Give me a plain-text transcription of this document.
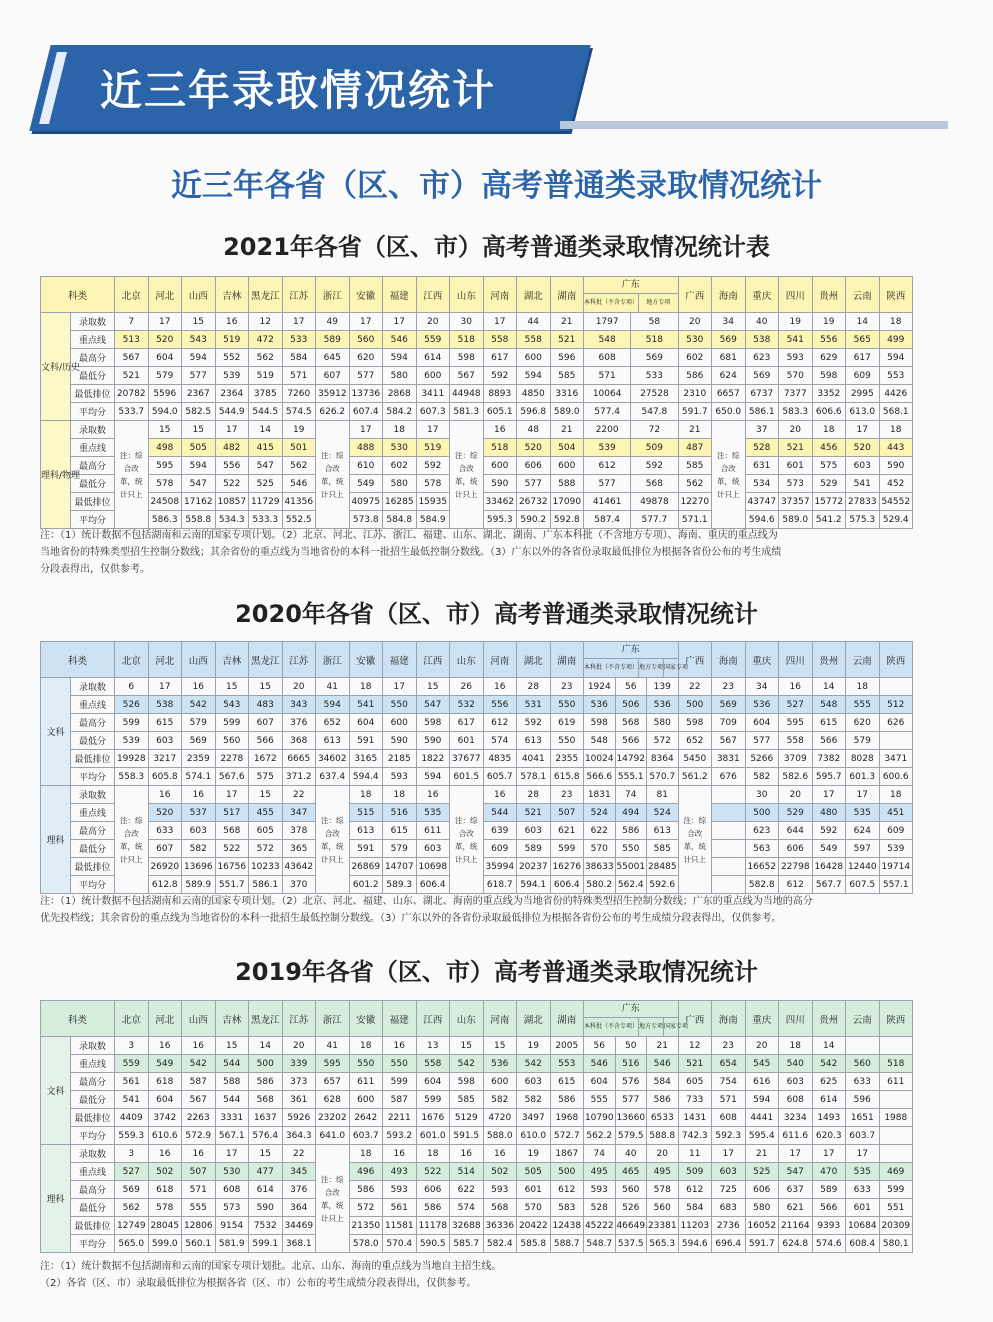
近三年录取情况统计
近三年各省（区、市）高考普通类录取情况统计
2021年各省（区、市）高考普通类录取情况统计表
科类		北京	河北	山西	吉林	黑龙江	江苏	浙江	安徽	福建	江西	山东	河南	湖北	湖南	广东
本科批（不含专项） 地方专项		广西	海南	重庆	四川	贵州	云南	陕西
文科/历史	录取数	7	17	15	16	12	17	49	17	17	20	30	17	44	21	1797	58	20	34	40	19	19	14	18
	重点线	513	520	543	519	472	533	589	560	546	559	518	558	558	521	548	518	530	569	538	541	556	565	499
	最高分	567	604	594	552	562	584	645	620	594	614	598	617	600	596	608	569	602	681	623	593	629	617	594
	最低分	521	579	577	539	519	571	607	577	580	600	567	592	594	585	571	533	586	624	569	570	598	609	553
	最低排位	20782	5596	2367	2364	3785	7260	35912	13736	2868	3411	44948	8893	4850	3316	10064	27528	2310	6657	6737	7377	3352	2995	4426
	平均分	533.7	594.0	582.5	544.9	544.5	574.5	626.2	607.4	584.2	607.3	581.3	605.1	596.8	589.0	577.4	547.8	591.7	650.0	586.1	583.3	606.6	613.0	568.1
理科/物理	录取数	注：综合改革，统计只上	15	15	17	14	19	注：综合改革，统计只上	17	18	17	注：综合改革，统计只上	16	48	21	2200	72	21	注：综合改革，统计只上	37	20	18	17	18
	重点线		498	505	482	415	501		488	530	519		518	520	504	539	509	487		528	521	456	520	443
	最高分		595	594	556	547	562		610	602	592		600	606	600	612	592	585		631	601	575	603	590
	最低分		578	547	522	525	546		549	580	578		590	577	588	577	568	562		534	573	529	541	452
	最低排位		24508	17162	10857	11729	41356		40975	16285	15935		33462	26732	17090	41461	49878	12270		43747	37357	15772	27833	54552
	平均分		586.3	558.8	534.3	533.3	552.5		573.8	584.8	584.9		595.3	590.2	592.8	587.4	577.7	571.1		594.6	589.0	541.2	575.3	529.4
注：（1）统计数据不包括湖南和云南的国家专项计划。（2）北京、河北、江苏、浙江、福建、山东、湖北、湖南、广东本科批（不含地方专项）、海南、重庆的重点线为
当地省份的特殊类型招生控制分数线；其余省份的重点线为当地省份的本科一批招生最低控制分数线。（3）广东以外的各省份录取最低排位为根据各省份公布的考生成绩
分段表得出，仅供参考。
2020年各省（区、市）高考普通类录取情况统计
科类		北京	河北	山西	吉林	黑龙江	江苏	浙江	安徽	福建	江西	山东	河南	湖北	湖南	广东
本科批（不含专项） 地方专项 国家专项			广西	海南	重庆	四川	贵州	云南	陕西
文科	录取数	6	17	16	15	15	20	41	18	17	15	26	16	28	23	1924	56	139	22	23	34	16	14	18	
	重点线	526	538	542	543	483	343	594	541	550	547	532	556	531	550	536	506	536	500	569	536	527	548	555	512
	最高分	599	615	579	599	607	376	652	604	600	598	617	612	592	619	598	568	580	598	709	604	595	615	620	626
	最低分	539	603	569	560	566	368	613	591	590	590	601	574	613	550	548	566	572	652	567	577	558	566	579	
	最低排位	19928	3217	2359	2278	1672	6665	34602	3165	2185	1822	37677	4835	4041	2355	10024	14792	8364	5450	3831	5266	3709	7382	8028	3471
	平均分	558.3	605.8	574.1	567.6	575	371.2	637.4	594.4	593	594	601.5	605.7	578.1	615.8	566.6	555.1	570.7	561.2	676	582	582.6	595.7	601.3	600.6
理科	录取数	注：综合改革，统计只上	16	16	17	15	22	注：综合改革，统计只上	18	18	16	注：综合改革，统计只上	16	28	23	1831	74	81	注：综合改革，统计只上		30	20	17	17	18
	重点线		520	537	517	455	347		515	516	535		544	521	507	524	494	524			500	529	480	535	451
	最高分		633	603	568	605	378		613	615	611		639	603	621	622	586	613			623	644	592	624	609
	最低分		607	582	522	572	365		591	579	603		609	589	599	570	550	585			563	606	549	597	539
	最低排位		26920	13696	16756	10233	43642		26869	14707	10698		35994	20237	16276	38633	55001	28485			16652	22798	16428	12440	19714
	平均分		612.8	589.9	551.7	586.1	370		601.2	589.3	606.4		618.7	594.1	606.4	580.2	562.4	592.6			582.8	612	567.7	607.5	557.1
注：（1）统计数据不包括湖南和云南的国家专项计划。（2）北京、河北、福建、山东、湖北、海南的重点线为当地省份的特殊类型招生控制分数线；广东的重点线为当地的高分
优先投档线；其余省份的重点线为当地省份的本科一批招生最低控制分数线。（3）广东以外的各省份录取最低排位为根据各省份公布的考生成绩分段表得出，仅供参考。
2019年各省（区、市）高考普通类录取情况统计
科类		北京	河北	山西	吉林	黑龙江	江苏	浙江	安徽	福建	江西	山东	河南	湖北	湖南	广东
本科批（不含专项） 地方专项 国家专项			广西	海南	重庆	四川	贵州	云南	陕西
文科	录取数	3	16	16	15	14	20	41	18	16	13	15	15	19	2005	56	50	21	12	23	20	18	14		
	重点线	559	549	542	544	500	339	595	550	550	558	542	536	542	553	546	516	546	521	654	545	540	542	560	518
	最高分	561	618	587	588	586	373	657	611	599	604	598	600	603	615	604	576	584	605	754	616	603	625	633	611
	最低分	541	604	567	544	568	361	628	600	587	599	585	582	582	586	555	577	586	733	571	594	608	614	596	
	最低排位	4409	3742	2263	3331	1637	5926	23202	2642	2211	1676	5129	4720	3497	1968	10790	13660	6533	1431	608	4441	3234	1493	1651	1988
	平均分	559.3	610.6	572.9	567.1	576.4	364.3	641.0	603.7	593.2	601.0	591.5	588.0	610.0	572.7	562.2	579.5	588.8	742.3	592.3	595.4	611.6	620.3	603.7	
理科	录取数	3	16	16	17	15	22	注：综合改革，统计只上	18	16	18	16	16	19	1867	74	40	20	11	17	21	17	17	17	
	重点线	527	502	507	530	477	345		496	493	522	514	502	505	500	495	465	495	509	603	525	547	470	535	469
	最高分	569	618	571	608	614	376		586	593	606	622	593	601	612	593	560	578	612	725	606	637	589	633	599
	最低分	562	578	555	573	590	364		572	561	586	574	568	570	583	528	526	560	584	683	580	621	566	601	551
	最低排位	12749	28045	12806	9154	7532	34469		21350	11581	11178	32688	36336	20422	12438	45222	46649	23381	11203	2736	16052	21164	9393	10684	20309
	平均分	565.0	599.0	560.1	581.9	599.1	368.1		578.0	570.4	590.5	585.7	582.4	585.8	588.7	548.7	537.5	565.3	594.6	696.4	591.7	624.8	574.6	608.4	580.1
注：（1）统计数据不包括湖南和云南的国家专项计划批。北京、山东、海南的重点线为当地自主招生线。
（2）各省（区、市）录取最低排位为根据各省（区、市）公布的考生成绩分段表得出，仅供参考。
